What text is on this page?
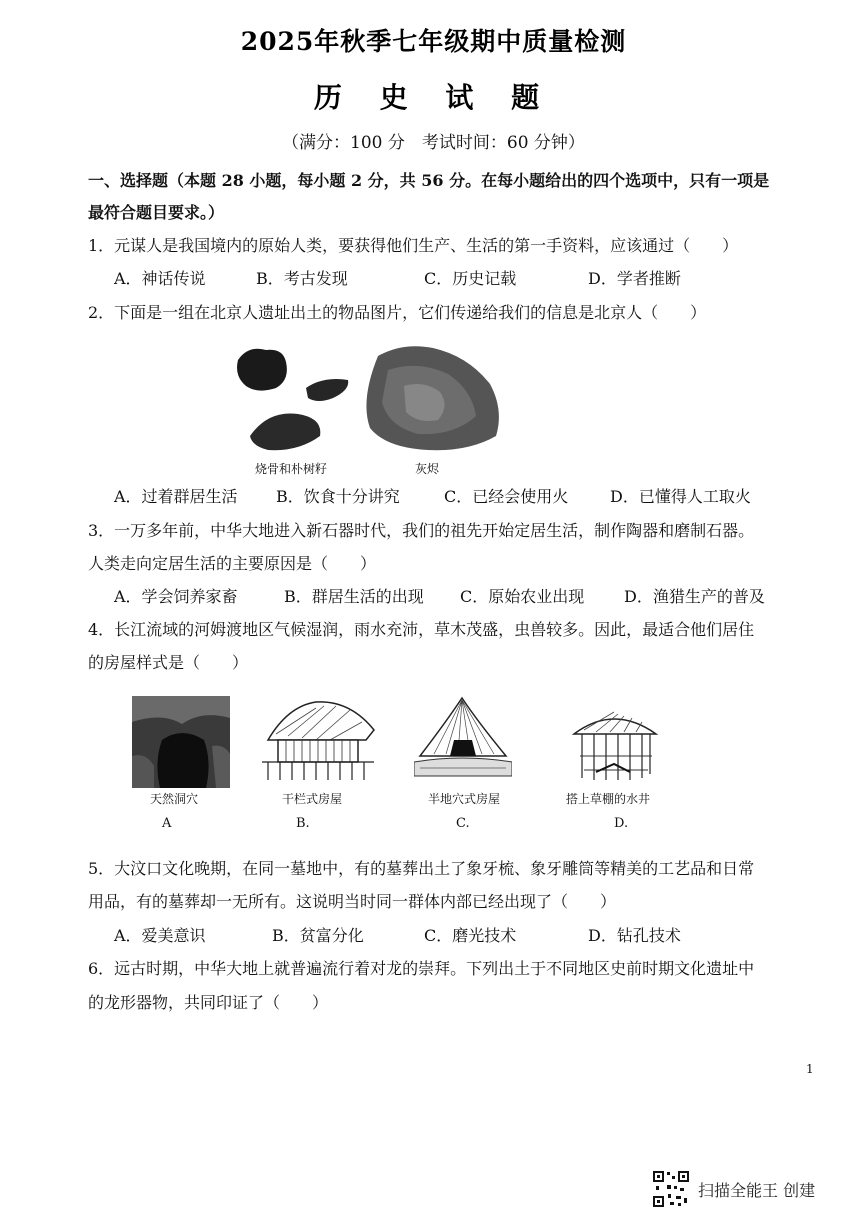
2025年秋季七年级期中质量检测
历 史 试 题
（满分：100 分　考试时间：60 分钟）
一、选择题（本题 28 小题，每小题 2 分，共 56 分。在每小题给出的四个选项中，只有一项是
最符合题目要求。）
1．元谋人是我国境内的原始人类，要获得他们生产、生活的第一手资料，应该通过（　　）
A．神话传说	B．考古发现	C．历史记载	D．学者推断
2．下面是一组在北京人遗址出土的物品图片，它们传递给我们的信息是北京人（　　）
烧骨和朴树籽	灰烬
A．过着群居生活 B．饮食十分讲究	C．已经会使用火	D．已懂得人工取火
3．一万多年前，中华大地进入新石器时代，我们的祖先开始定居生活，制作陶器和磨制石器。
人类走向定居生活的主要原因是（　　）
A．学会饲养家畜	B．群居生活的出现 C．原始农业出现 D．渔猎生产的普及
4．长江流域的河姆渡地区气候湿润，雨水充沛，草木茂盛，虫兽较多。因此，最适合他们居住
的房屋样式是（　　）
天然洞穴	干栏式房屋	半地穴式房屋	搭上草棚的水井
A	B.	C.	D.
5．大汶口文化晚期，在同一墓地中，有的墓葬出土了象牙梳、象牙雕筒等精美的工艺品和日常
用品，有的墓葬却一无所有。这说明当时同一群体内部已经出现了（　　）
A．爱美意识	B．贫富分化	C．磨光技术	D．钻孔技术
6．远古时期，中华大地上就普遍流行着对龙的崇拜。下列出土于不同地区史前时期文化遗址中
的龙形器物，共同印证了（　　）
1
扫描全能王 创建
